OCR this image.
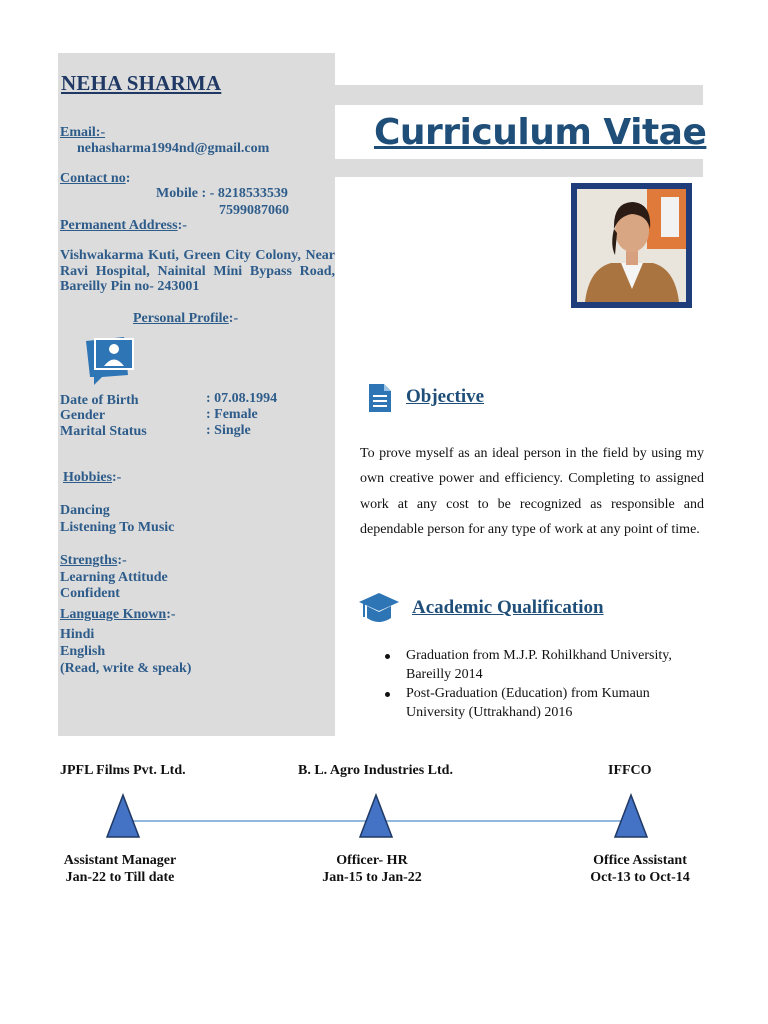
NEHA SHARMA
Email:-
nehasharma1994nd@gmail.com
Contact no:
Mobile : - 8218533539
7599087060
Permanent Address:-
Vishwakarma Kuti, Green City Colony, Near Ravi Hospital, Nainital Mini Bypass Road, Bareilly Pin no- 243001
Personal Profile:-
Date of Birth	: 07.08.1994
Gender	: Female
Marital Status	: Single
Hobbies:-
Dancing
Listening To Music
Strengths:-
Learning Attitude
Confident
Language Known:-
Hindi
English
(Read, write & speak)
Curriculum Vitae
Objective
To prove myself as an ideal person in the field by using my own creative power and efficiency. Completing to assigned work at any cost to be recognized as responsible and dependable person for any type of work at any point of time.
Academic Qualification
Graduation from M.J.P. Rohilkhand University, Bareilly 2014
Post-Graduation (Education) from Kumaun University (Uttrakhand) 2016
JPFL Films Pvt. Ltd.	B. L. Agro Industries Ltd.	IFFCO
Assistant Manager
Jan-22 to Till date
Officer- HR
Jan-15 to Jan-22
Office Assistant
Oct-13 to Oct-14
